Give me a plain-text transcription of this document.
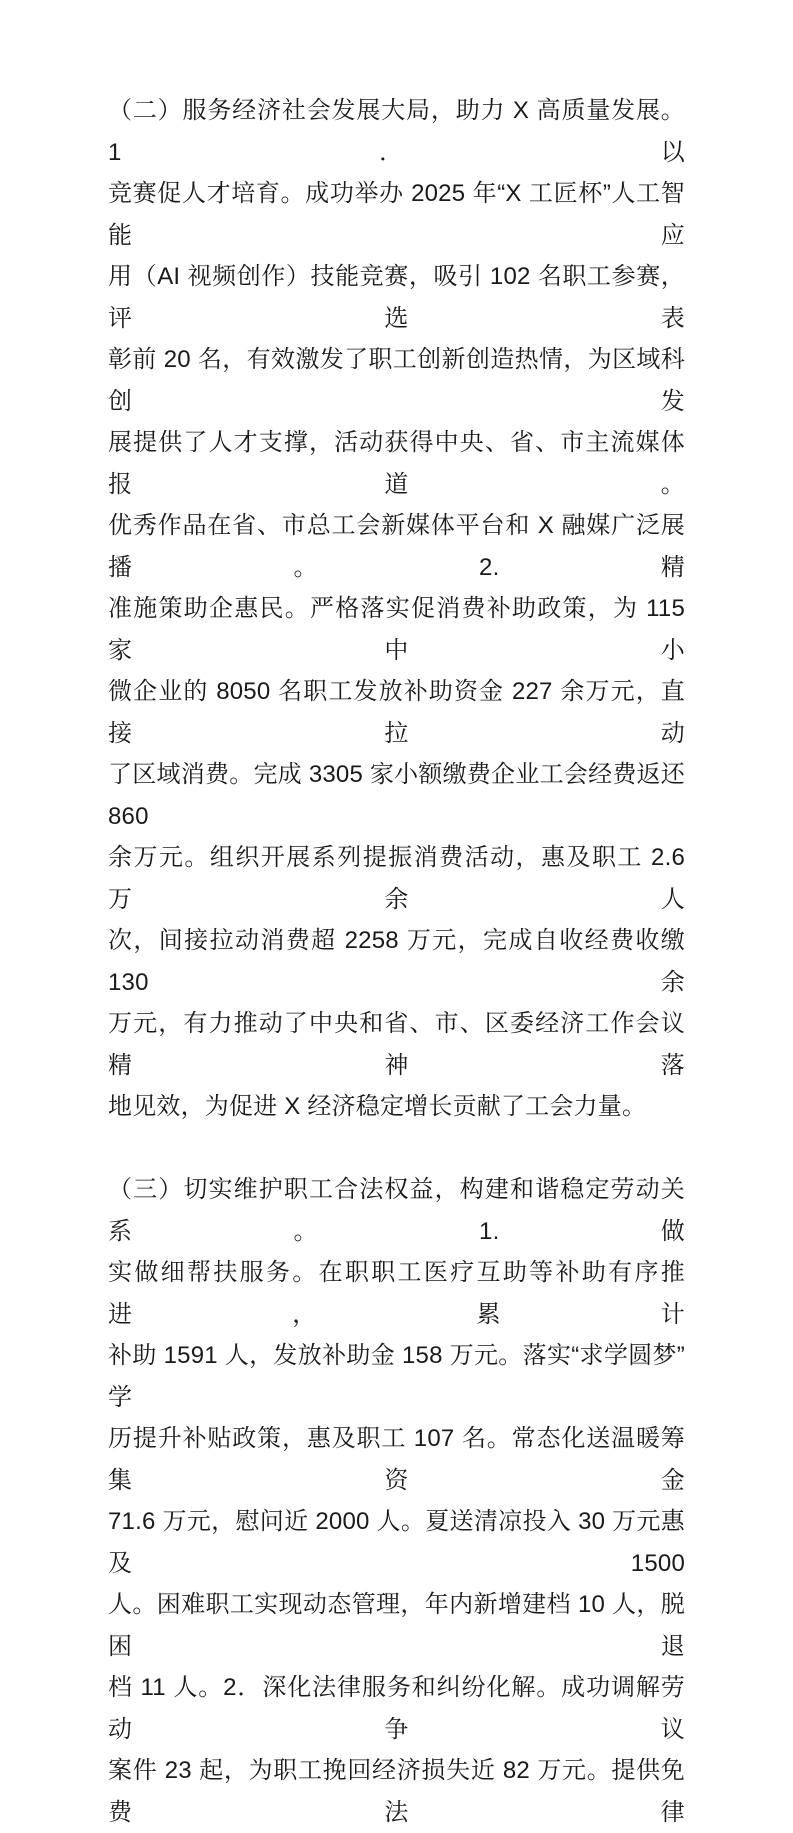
（二）服务经济社会发展大局，助力 X 高质量发展。1．以
竞赛促人才培育。成功举办 2025 年“X 工匠杯”人工智能应
用（AI 视频创作）技能竞赛，吸引 102 名职工参赛，评选表
彰前 20 名，有效激发了职工创新创造热情，为区域科创发
展提供了人才支撑，活动获得中央、省、市主流媒体报道。
优秀作品在省、市总工会新媒体平台和 X 融媒广泛展播。2.精
准施策助企惠民。严格落实促消费补助政策，为 115 家中小
微企业的 8050 名职工发放补助资金 227 余万元，直接拉动
了区域消费。完成 3305 家小额缴费企业工会经费返还 860
余万元。组织开展系列提振消费活动，惠及职工 2.6 万余人
次，间接拉动消费超 2258 万元，完成自收经费收缴 130 余
万元，有力推动了中央和省、市、区委经济工作会议精神落
地见效，为促进 X 经济稳定增长贡献了工会力量。
（三）切实维护职工合法权益，构建和谐稳定劳动关系。1.做
实做细帮扶服务。在职职工医疗互助等补助有序推进，累计
补助 1591 人，发放补助金 158 万元。落实“求学圆梦”学
历提升补贴政策，惠及职工 107 名。常态化送温暖筹集资金
71.6 万元，慰问近 2000 人。夏送清凉投入 30 万元惠及 1500
人。困难职工实现动态管理，年内新增建档 10 人，脱困退
档 11 人。2．深化法律服务和纠纷化解。成功调解劳动争议
案件 23 起，为职工挽回经济损失近 82 万元。提供免费法律
